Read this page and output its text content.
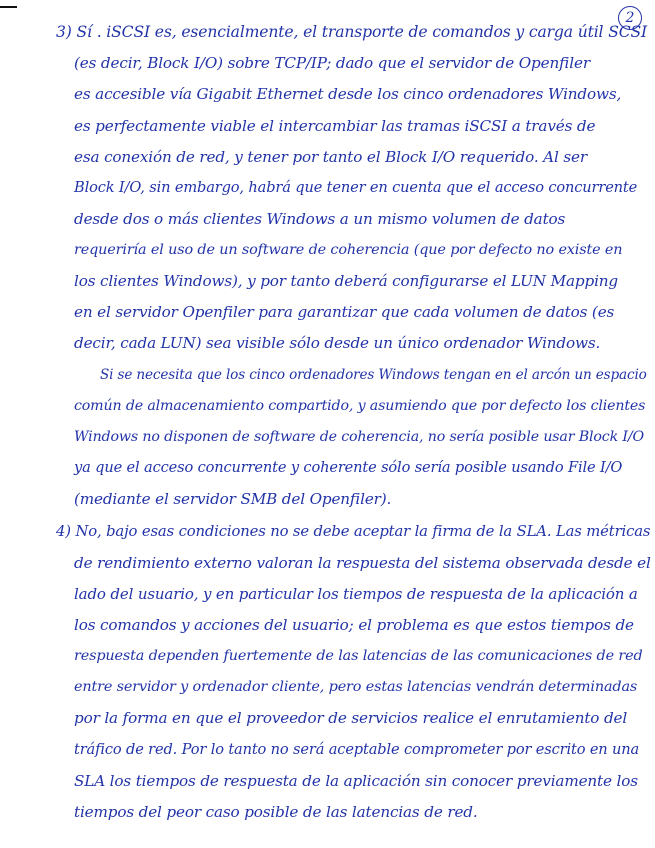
2
3) Sí . iSCSI es, esencialmente, el transporte de comandos y carga útil SCSI
(es decir, Block I/O) sobre TCP/IP; dado que el servidor de Openfiler
es accesible vía Gigabit Ethernet desde los cinco ordenadores Windows,
es perfectamente viable el intercambiar las tramas iSCSI a través de
esa conexión de red, y tener por tanto el Block I/O requerido. Al ser
Block I/O, sin embargo, habrá que tener en cuenta que el acceso concurrente
desde dos o más clientes Windows a un mismo volumen de datos
requeriría el uso de un software de coherencia (que por defecto no existe en
los clientes Windows), y por tanto deberá configurarse el LUN Mapping
en el servidor Openfiler para garantizar que cada volumen de datos (es
decir, cada LUN) sea visible sólo desde un único ordenador Windows.
Si se necesita que los cinco ordenadores Windows tengan en el arcón un espacio
común de almacenamiento compartido, y asumiendo que por defecto los clientes
Windows no disponen de software de coherencia, no sería posible usar Block I/O
ya que el acceso concurrente y coherente sólo sería posible usando File I/O
(mediante el servidor SMB del Openfiler).
4) No, bajo esas condiciones no se debe aceptar la firma de la SLA. Las métricas
de rendimiento externo valoran la respuesta del sistema observada desde el
lado del usuario, y en particular los tiempos de respuesta de la aplicación a
los comandos y acciones del usuario; el problema es que estos tiempos de
respuesta dependen fuertemente de las latencias de las comunicaciones de red
entre servidor y ordenador cliente, pero estas latencias vendrán determinadas
por la forma en que el proveedor de servicios realice el enrutamiento del
tráfico de red. Por lo tanto no será aceptable comprometer por escrito en una
SLA los tiempos de respuesta de la aplicación sin conocer previamente los
tiempos del peor caso posible de las latencias de red.
